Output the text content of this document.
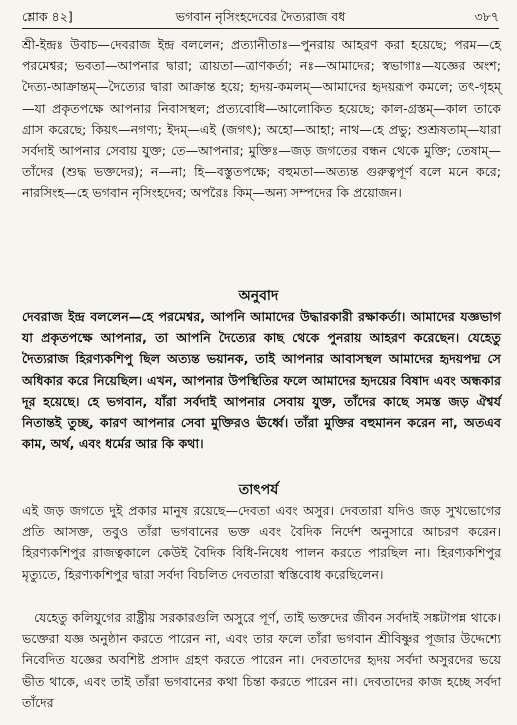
শ্লোক ৪২]	ভগবান নৃসিংহদেবের দৈত্যরাজ বধ	৩৮৭
শ্রী-ইন্দ্রঃ উবাচ—দেবরাজ ইন্দ্র বললেন; প্রত্যানীতাঃ—পুনরায় আহরণ করা হয়েছে; পরম—হে পরমেশ্বর; ভবতা—আপনার দ্বারা; ত্রায়তা—ত্রাণকর্তা; নঃ—আমাদের; স্বভাগাঃ—যজ্ঞের অংশ; দৈত্য-আক্রান্তম্—দৈত্যের দ্বারা আক্রান্ত হয়ে; হৃদয়-কমলম্—আমাদের হৃদয়রূপ কমলে; তৎ-গৃহম্—যা প্রকৃতপক্ষে আপনার নিবাসস্থল; প্রত্যবোধি—আলোকিত হয়েছে; কাল-গ্রস্তম্—কাল তাকে গ্রাস করেছে; কিয়ৎ—নগণ্য; ইদম্—এই (জগৎ); অহো—আহা; নাথ—হে প্রভু; শুশ্রূষতাম্—যারা সর্বদাই আপনার সেবায় যুক্ত; তে—আপনার; মুক্তিঃ—জড় জগতের বন্ধন থেকে মুক্তি; তেষাম্—তাঁদের (শুদ্ধ ভক্তদের); ন—না; হি—বস্তুতপক্ষে; বহুমতা—অত্যন্ত গুরুত্বপূর্ণ বলে মনে করে; নারসিংহ—হে ভগবান নৃসিংহদেব; অপরৈঃ কিম্—অন্য সম্পদের কি প্রয়োজন।
অনুবাদ
দেবরাজ ইন্দ্র বললেন—হে পরমেশ্বর, আপনি আমাদের উদ্ধারকারী রক্ষাকর্তা। আমাদের যজ্ঞভাগ যা প্রকৃতপক্ষে আপনার, তা আপনি দৈত্যের কাছ থেকে পুনরায় আহরণ করেছেন। যেহেতু দৈত্যরাজ হিরণ্যকশিপু ছিল অত্যন্ত ভয়ানক, তাই আপনার আবাসস্থল আমাদের হৃদয়পদ্ম সে অধিকার করে নিয়েছিল। এখন, আপনার উপস্থিতির ফলে আমাদের হৃদয়ের বিষাদ এবং অন্ধকার দূর হয়েছে। হে ভগবান, যাঁরা সর্বদাই আপনার সেবায় যুক্ত, তাঁদের কাছে সমস্ত জড় ঐশ্বর্য নিতান্তই তুচ্ছ, কারণ আপনার সেবা মুক্তিরও ঊর্ধ্বে। তাঁরা মুক্তির বহুমানন করেন না, অতএব কাম, অর্থ, এবং ধর্মের আর কি কথা।
তাৎপর্য
এই জড় জগতে দুই প্রকার মানুষ রয়েছে—দেবতা এবং অসুর। দেবতারা যদিও জড় সুখভোগের প্রতি আসক্ত, তবুও তাঁরা ভগবানের ভক্ত এবং বৈদিক নির্দেশ অনুসারে আচরণ করেন। হিরণ্যকশিপুর রাজত্বকালে কেউই বৈদিক বিধি-নিষেধ পালন করতে পারছিল না। হিরণ্যকশিপুর মৃত্যুতে, হিরণ্যকশিপুর দ্বারা সর্বদা বিচলিত দেবতারা স্বস্তিবোধ করেছিলেন।
যেহেতু কলিযুগের রাষ্ট্রীয় সরকারগুলি অসুরে পূর্ণ, তাই ভক্তদের জীবন সর্বদাই সঙ্কটাপন্ন থাকে। ভক্তেরা যজ্ঞ অনুষ্ঠান করতে পারেন না, এবং তার ফলে তাঁরা ভগবান শ্রীবিষ্ণুর পূজার উদ্দেশ্যে নিবেদিত যজ্ঞের অবশিষ্ট প্রসাদ গ্রহণ করতে পারেন না। দেবতাদের হৃদয় সর্বদা অসুরদের ভয়ে ভীত থাকে, এবং তাই তাঁরা ভগবানের কথা চিন্তা করতে পারেন না। দেবতাদের কাজ হচ্ছে সর্বদা তাঁদের
